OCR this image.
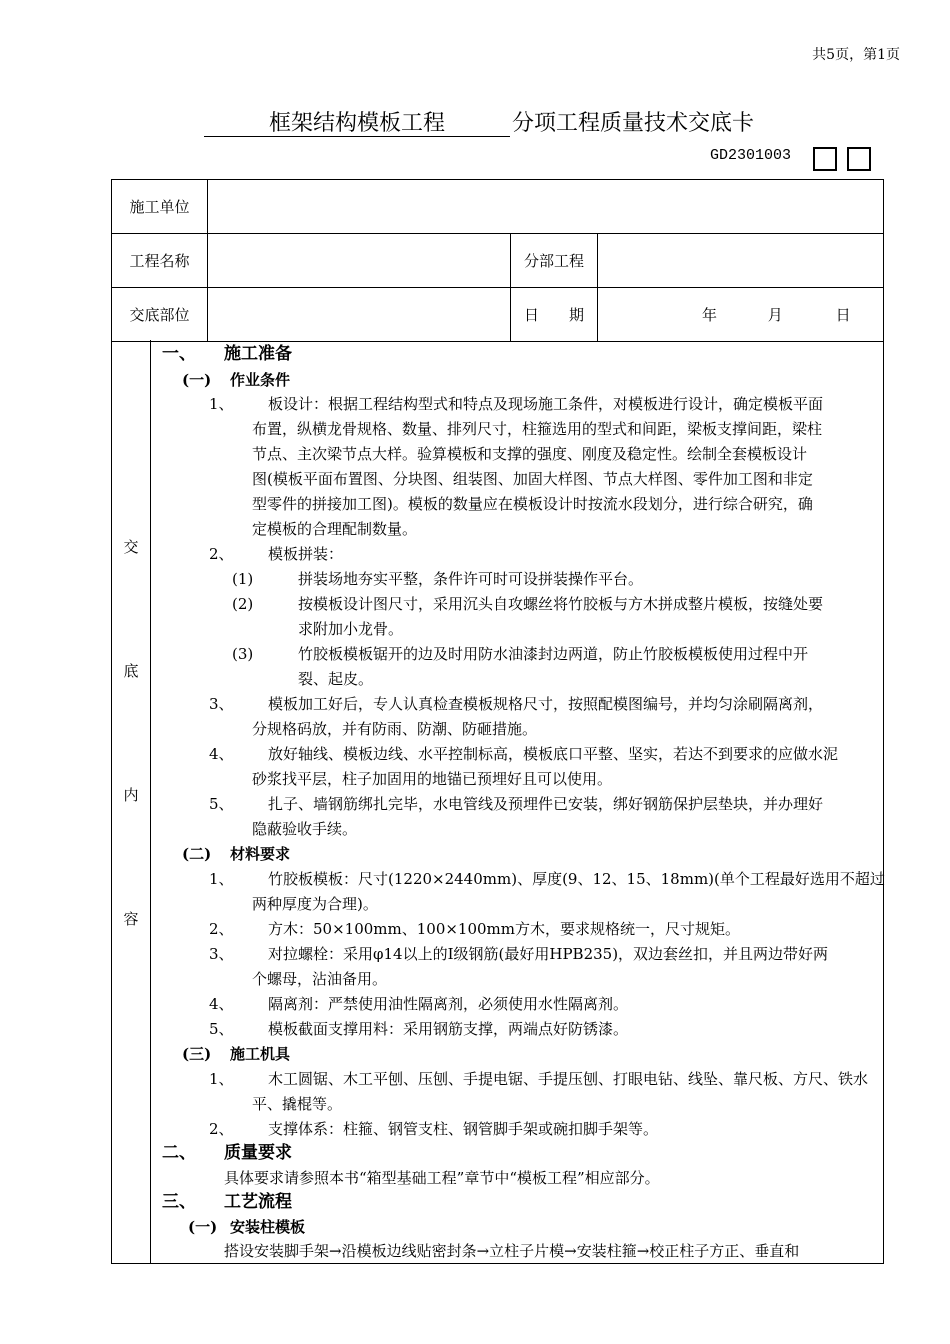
共5页，第1页
框架结构模板工程	分项工程质量技术交底卡
GD2301003
施工单位			
工程名称		分部工程	
交底部位		日　　期	年 月 日
交
底
内
容
一、 施工准备
(一) 作业条件
1、 板设计：根据工程结构型式和特点及现场施工条件，对模板进行设计，确定模板平面
布置，纵横龙骨规格、数量、排列尺寸，柱箍选用的型式和间距，梁板支撑间距，梁柱
节点、主次梁节点大样。验算模板和支撑的强度、刚度及稳定性。绘制全套模板设计
图(模板平面布置图、分块图、组装图、加固大样图、节点大样图、零件加工图和非定
型零件的拼接加工图)。模板的数量应在模板设计时按流水段划分，进行综合研究，确
定模板的合理配制数量。
2、 模板拼装：
(1)	拼装场地夯实平整，条件许可时可设拼装操作平台。
(2)	按模板设计图尺寸，采用沉头自攻螺丝将竹胶板与方木拼成整片模板，按缝处要
求附加小龙骨。
(3)	竹胶板模板锯开的边及时用防水油漆封边两道，防止竹胶板模板使用过程中开
裂、起皮。
3、 模板加工好后，专人认真检查模板规格尺寸，按照配模图编号，并均匀涂刷隔离剂，
分规格码放，并有防雨、防潮、防砸措施。
4、 放好轴线、模板边线、水平控制标高，模板底口平整、坚实，若达不到要求的应做水泥
砂浆找平层，柱子加固用的地锚已预埋好且可以使用。
5、 扎子、墙钢筋绑扎完毕，水电管线及预埋件已安装，绑好钢筋保护层垫块，并办理好
隐蔽验收手续。
(二) 材料要求
1、 竹胶板模板：尺寸(1220×2440mm)、厚度(9、12、15、18mm)(单个工程最好选用不超过
两种厚度为合理)。
2、 方木：50×100mm、100×100mm方木，要求规格统一，尺寸规矩。
3、 对拉螺栓：采用φ14以上的Ⅰ级钢筋(最好用HPB235)，双边套丝扣，并且两边带好两
个螺母，沾油备用。
4、 隔离剂：严禁使用油性隔离剂，必须使用水性隔离剂。
5、 模板截面支撑用料：采用钢筋支撑，两端点好防锈漆。
(三) 施工机具
1、 木工圆锯、木工平刨、压刨、手提电锯、手提压刨、打眼电钻、线坠、靠尺板、方尺、铁水
平、撬棍等。
2、 支撑体系：柱箍、钢管支柱、钢管脚手架或碗扣脚手架等。
二、 质量要求
具体要求请参照本书“箱型基础工程”章节中“模板工程”相应部分。
三、 工艺流程
(一) 安装柱模板
搭设安装脚手架→沿模板边线贴密封条→立柱子片模→安装柱箍→校正柱子方正、垂直和
